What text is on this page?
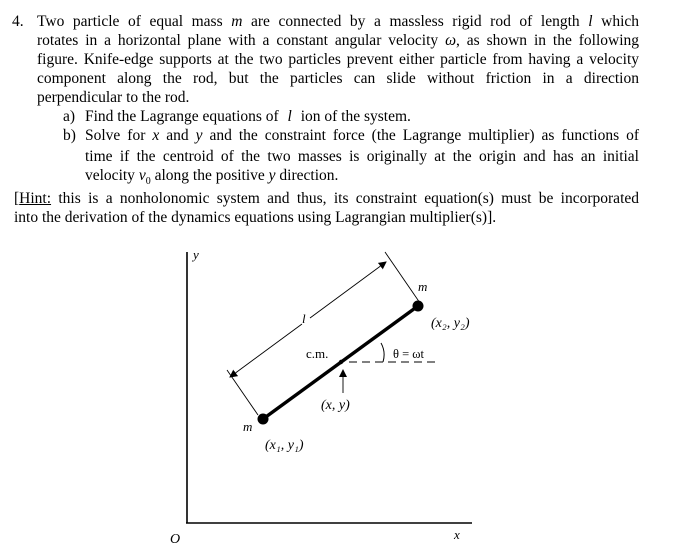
4. Two particle of equal mass m are connected by a massless rigid rod of length l which
rotates in a horizontal plane with a constant angular velocity ω, as shown in the following
figure. Knife-edge supports at the two particles prevent either particle from having a velocity
component along the rod, but the particles can slide without friction in a direction
perpendicular to the rod.
a) Find the Lagrange equations of l ion of the system.
b) Solve for x and y and the constraint force (the Lagrange multiplier) as functions of
time if the centroid of the two masses is originally at the origin and has an initial
velocity $v_0$ along the positive y direction.
[Hint: this is a nonholonomic system and thus, its constraint equation(s) must be incorporated
into the derivation of the dynamics equations using Lagrangian multiplier(s)].
y
x
O
m
m
(x₂, y₂)
(x₁, y₁)
(x, y)
c.m.
l
θ = ωt
